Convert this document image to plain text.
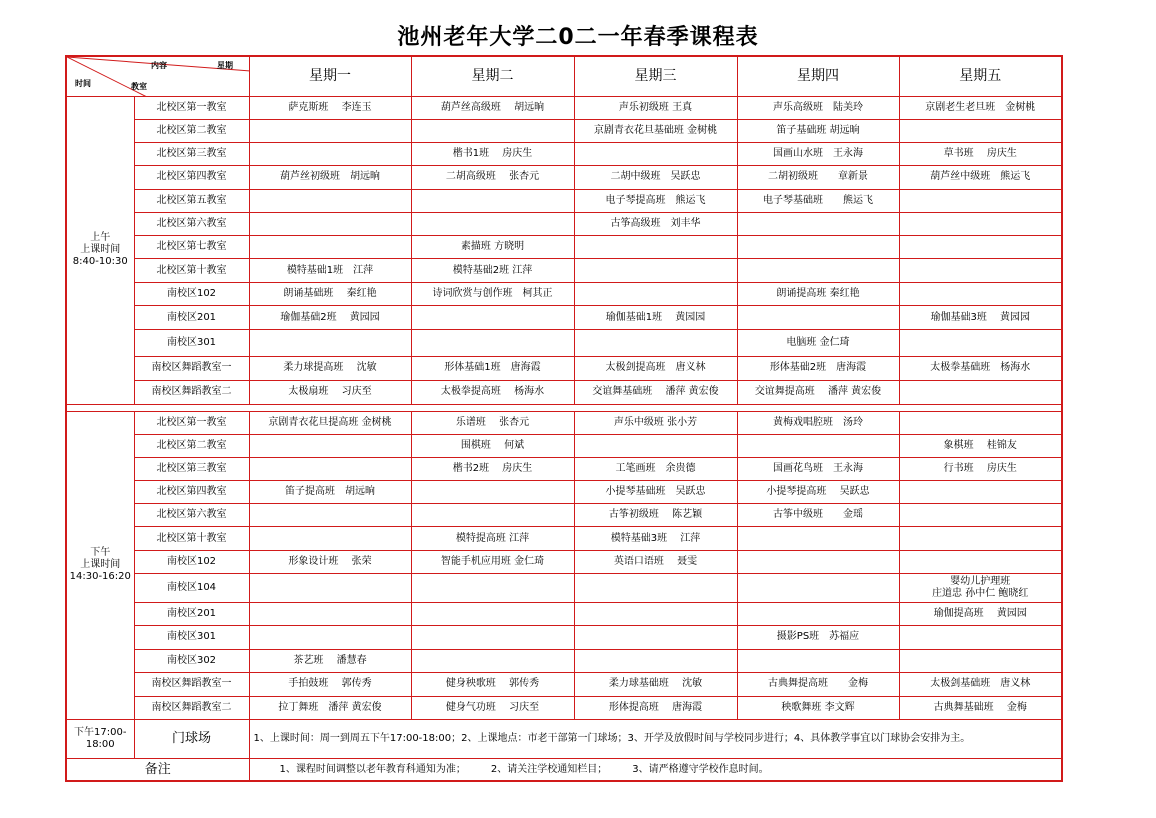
池州老年大学二0二一年春季课程表
内容 星期
时间 教室		星期一	星期二	星期三	星期四	星期五

上午
上课时间
8:40-10:30	北校区第一教室	萨克斯班　 李连玉	葫芦丝高级班　 胡远晌	声乐初级班 王真	声乐高级班　陆美玲	京剧老生老旦班　金树桃
	北校区第二教室			京剧青衣花旦基础班 金树桃	笛子基础班 胡远晌	
	北校区第三教室		楷书1班　 房庆生		国画山水班　王永海	草书班　 房庆生
	北校区第四教室	葫芦丝初级班　胡远晌	二胡高级班　 张杏元	二胡中级班　吴跃忠	二胡初级班　　章新景	葫芦丝中级班　熊运飞
	北校区第五教室			电子琴提高班　熊运飞	电子琴基础班　　熊运飞	
	北校区第六教室			古筝高级班　刘丰华		
	北校区第七教室		素描班 方晓明			
	北校区第十教室	模特基础1班　江萍	模特基础2班 江萍			
	南校区102	朗诵基础班　 秦红艳	诗词欣赏与创作班　柯其正		朗诵提高班 秦红艳	
	南校区201	瑜伽基础2班　 黄园园		瑜伽基础1班　 黄园园		瑜伽基础3班　 黄园园
	南校区301				电脑班 金仁琦	
	南校区舞蹈教室一	柔力球提高班　 沈敏	形体基础1班　唐海霞	太极剑提高班　唐义林	形体基础2班　唐海霞	太极拳基础班　杨海水
	南校区舞蹈教室二	太极扇班　 习庆至	太极拳提高班　 杨海水	交谊舞基础班　 潘萍 黄宏俊	交谊舞提高班　 潘萍 黄宏俊	

下午
上课时间
14:30-16:20	北校区第一教室	京剧青衣花旦提高班 金树桃	乐谱班　 张杏元	声乐中级班 张小芳	黄梅戏唱腔班　汤玲	
	北校区第二教室		围棋班　 何斌			象棋班　 桂锦友
	北校区第三教室		楷书2班　 房庆生	工笔画班　余贵德	国画花鸟班　王永海	行书班　 房庆生
	北校区第四教室	笛子提高班　胡远晌		小提琴基础班　吴跃忠	小提琴提高班　 吴跃忠	
	北校区第六教室			古筝初级班　 陈艺颖	古筝中级班　　金瑶	
	北校区第十教室		模特提高班 江萍	模特基础3班　 江萍		
	南校区102	形象设计班　 张荣	智能手机应用班 金仁琦	英语口语班　 聂雯		
	南校区104					婴幼儿护理班
庄道忠 孙中仁 鲍晓红

	南校区201					瑜伽提高班　 黄园园
	南校区301				摄影PS班　苏福应	
	南校区302	茶艺班　 潘慧春				
	南校区舞蹈教室一	手拍鼓班　 郭传秀	健身秧歌班　 郭传秀	柔力球基础班　 沈敏	古典舞提高班　　金梅	太极剑基础班　唐义林
	南校区舞蹈教室二	拉丁舞班　潘萍 黄宏俊	健身气功班　 习庆至	形体提高班　 唐海霞	秧歌舞班 李文辉	古典舞基础班　 金梅
下午17:00-18:00	门球场	1、上课时间：周一到周五下午17:00-18:00；2、上课地点：市老干部第一门球场；3、开学及放假时间与学校同步进行；4、具体教学事宜以门球协会安排为主。				
备注		1、课程时间调整以老年教育科通知为准；　　　2、请关注学校通知栏目；　　　3、请严格遵守学校作息时间。				
